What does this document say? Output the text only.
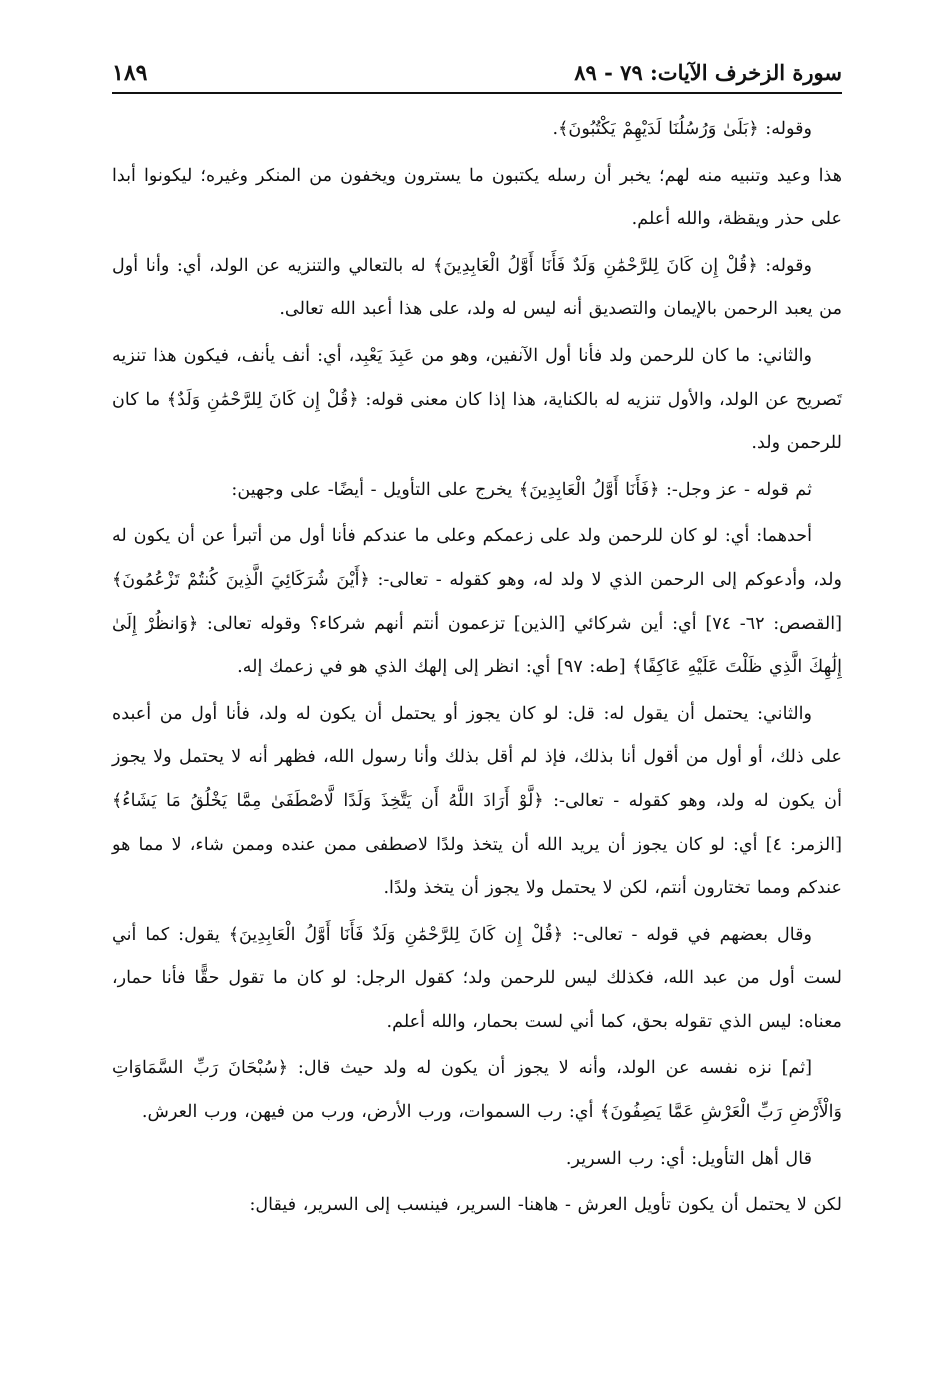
سورة الزخرف الآيات: ٧٩ - ٨٩
١٨٩

وقوله: ﴿بَلَىٰ وَرُسُلُنَا لَدَيْهِمْ يَكْتُبُونَ﴾.

هذا وعيد وتنبيه منه لهم؛ يخبر أن رسله يكتبون ما يسترون ويخفون من المنكر وغيره؛ ليكونوا أبدا على حذر ويقظة، والله أعلم.

وقوله: ﴿قُلْ إِن كَانَ لِلرَّحْمَٰنِ وَلَدٌ فَأَنَا أَوَّلُ الْعَابِدِينَ﴾ له بالتعالي والتنزيه عن الولد، أي: وأنا أول من يعبد الرحمن بالإيمان والتصديق أنه ليس له ولد، على هذا أعبد الله تعالى.

والثاني: ما كان للرحمن ولد فأنا أول الآنفين، وهو من عَبِدَ يَعْبِد، أي: أنف يأنف، فيكون هذا تنزيه تَصريح عن الولد، والأول تنزيه له بالكناية، هذا إذا كان معنى قوله: ﴿قُلْ إِن كَانَ لِلرَّحْمَٰنِ وَلَدٌ﴾ ما كان للرحمن ولد.

ثم قوله - عز وجل-: ﴿فَأَنَا أَوَّلُ الْعَابِدِينَ﴾ يخرج على التأويل - أيضًا- على وجهين:

أحدهما: أي: لو كان للرحمن ولد على زعمكم وعلى ما عندكم فأنا أول من أتبرأ عن أن يكون له ولد، وأدعوكم إلى الرحمن الذي لا ولد له، وهو كقوله - تعالى-: ﴿أَيْنَ شُرَكَائِيَ الَّذِينَ كُنتُمْ تَزْعُمُونَ﴾ [القصص: ٦٢- ٧٤] أي: أين شركائي [الذين] تزعمون أنتم أنهم شركاء؟ وقوله تعالى: ﴿وَانظُرْ إِلَىٰ إِلَٰهِكَ الَّذِي ظَلْتَ عَلَيْهِ عَاكِفًا﴾ [طه: ٩٧] أي: انظر إلى إلهك الذي هو في زعمك إله.

والثاني: يحتمل أن يقول له: قل: لو كان يجوز أو يحتمل أن يكون له ولد، فأنا أول من أعبده على ذلك، أو أول من أقول أنا بذلك، فإذ لم أقل بذلك وأنا رسول الله، فظهر أنه لا يحتمل ولا يجوز أن يكون له ولد، وهو كقوله - تعالى-: ﴿لَّوْ أَرَادَ اللَّهُ أَن يَتَّخِذَ وَلَدًا لَّاصْطَفَىٰ مِمَّا يَخْلُقُ مَا يَشَاءُ﴾ [الزمر: ٤] أي: لو كان يجوز أن يريد الله أن يتخذ ولدًا لاصطفى ممن عنده وممن شاء، لا مما هو عندكم ومما تختارون أنتم، لكن لا يحتمل ولا يجوز أن يتخذ ولدًا.

وقال بعضهم في قوله - تعالى-: ﴿قُلْ إِن كَانَ لِلرَّحْمَٰنِ وَلَدٌ فَأَنَا أَوَّلُ الْعَابِدِينَ﴾ يقول: كما أني لست أول من عبد الله، فكذلك ليس للرحمن ولد؛ كقول الرجل: لو كان ما تقول حقًّا فأنا حمار، معناه: ليس الذي تقوله بحق، كما أني لست بحمار، والله أعلم.

[ثم] نزه نفسه عن الولد، وأنه لا يجوز أن يكون له ولد حيث قال: ﴿سُبْحَانَ رَبِّ السَّمَاوَاتِ وَالْأَرْضِ رَبِّ الْعَرْشِ عَمَّا يَصِفُونَ﴾ أي: رب السموات، ورب الأرض، ورب من فيهن، ورب العرش.

قال أهل التأويل: أي: رب السرير.

لكن لا يحتمل أن يكون تأويل العرش - هاهنا- السرير، فينسب إلى السرير، فيقال:
